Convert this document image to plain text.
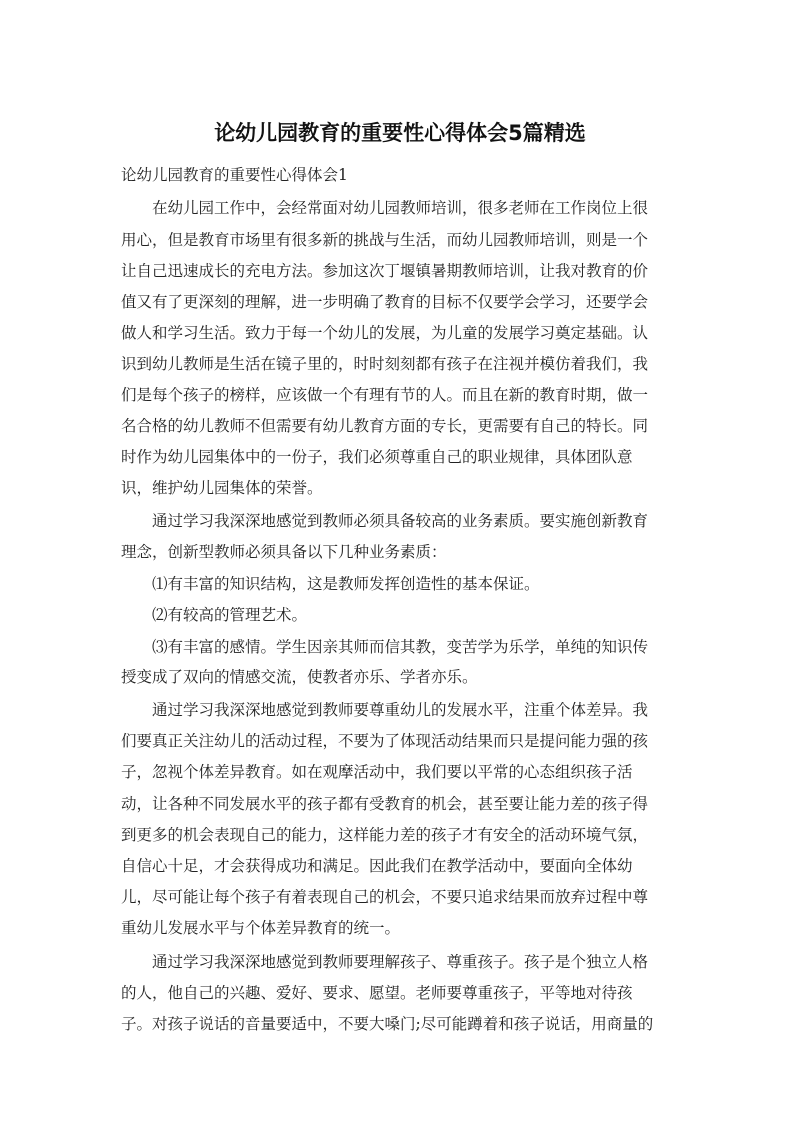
论幼儿园教育的重要性心得体会5篇精选
论幼儿园教育的重要性心得体会1
　　在幼儿园工作中，会经常面对幼儿园教师培训，很多老师在工作岗位上很
用心，但是教育市场里有很多新的挑战与生活，而幼儿园教师培训，则是一个
让自己迅速成长的充电方法。参加这次丁堰镇暑期教师培训，让我对教育的价
值又有了更深刻的理解，进一步明确了教育的目标不仅要学会学习，还要学会
做人和学习生活。致力于每一个幼儿的发展，为儿童的发展学习奠定基础。认
识到幼儿教师是生活在镜子里的，时时刻刻都有孩子在注视并模仿着我们，我
们是每个孩子的榜样，应该做一个有理有节的人。而且在新的教育时期，做一
名合格的幼儿教师不但需要有幼儿教育方面的专长，更需要有自己的特长。同
时作为幼儿园集体中的一份子，我们必须尊重自己的职业规律，具体团队意
识，维护幼儿园集体的荣誉。
　　通过学习我深深地感觉到教师必须具备较高的业务素质。要实施创新教育
理念，创新型教师必须具备以下几种业务素质：
　　⑴有丰富的知识结构，这是教师发挥创造性的基本保证。
　　⑵有较高的管理艺术。
　　⑶有丰富的感情。学生因亲其师而信其教，变苦学为乐学，单纯的知识传
授变成了双向的情感交流，使教者亦乐、学者亦乐。
　　通过学习我深深地感觉到教师要尊重幼儿的发展水平，注重个体差异。我
们要真正关注幼儿的活动过程，不要为了体现活动结果而只是提问能力强的孩
子，忽视个体差异教育。如在观摩活动中，我们要以平常的心态组织孩子活
动，让各种不同发展水平的孩子都有受教育的机会，甚至要让能力差的孩子得
到更多的机会表现自己的能力，这样能力差的孩子才有安全的活动环境气氛，
自信心十足，才会获得成功和满足。因此我们在教学活动中，要面向全体幼
儿，尽可能让每个孩子有着表现自己的机会，不要只追求结果而放弃过程中尊
重幼儿发展水平与个体差异教育的统一。
　　通过学习我深深地感觉到教师要理解孩子、尊重孩子。孩子是个独立人格
的人，他自己的兴趣、爱好、要求、愿望。老师要尊重孩子，平等地对待孩
子。对孩子说话的音量要适中，不要大嗓门;尽可能蹲着和孩子说话，用商量的
